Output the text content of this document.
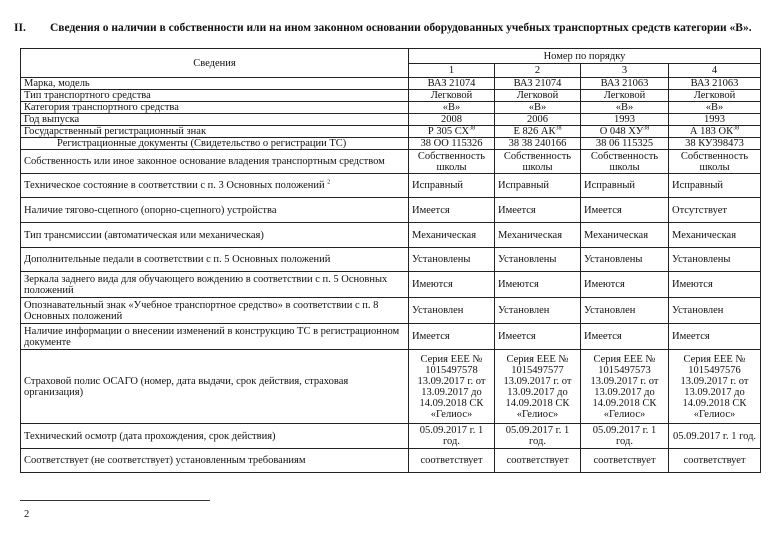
II. Сведения о наличии в собственности или на ином законном основании оборудованных учебных транспортных средств категории «В».
Сведения	Номер по порядку			
	1	2	3	4
Марка, модель	ВАЗ 21074	ВАЗ 21074	ВАЗ 21063	ВАЗ 21063
Тип транспортного средства	Легковой	Легковой	Легковой	Легковой
Категория транспортного средства	«В»	«В»	«В»	«В»
Год выпуска	2008	2006	1993	1993
Государственный регистрационный знак	Р 305 СХ$^{38}$	Е 826 АК$^{38}$	О 048 ХУ$^{38}$	А 183 ОК$^{38}$
Регистрационные документы (Свидетельство о регистрации ТС)	38 ОО 115326	38 38 240166	38 06 115325	38 КУ398473
Собственность или иное законное основание владения транспортным средством	Собственность школы	Собственность школы	Собственность школы	Собственность школы
Техническое состояние в соответствии с п. 3 Основных положений $^2$	Исправный	Исправный	Исправный	Исправный
Наличие тягово-сцепного (опорно-сцепного) устройства	Имеется	Имеется	Имеется	Отсутствует
Тип трансмиссии (автоматическая или механическая)	Механическая	Механическая	Механическая	Механическая
Дополнительные педали в соответствии с п. 5 Основных положений	Установлены	Установлены	Установлены	Установлены
Зеркала заднего вида для обучающего вождению в соответствии с п. 5 Основных положений	Имеются	Имеются	Имеются	Имеются
Опознавательный знак «Учебное транспортное средство» в соответствии с п. 8 Основных положений	Установлен	Установлен	Установлен	Установлен
Наличие информации о внесении изменений в конструкцию ТС в регистрационном документе	Имеется	Имеется	Имеется	Имеется
Страховой полис ОСАГО (номер, дата выдачи, срок действия, страховая организация)	Серия ЕЕЕ № 1015497578 13.09.2017 г. от 13.09.2017 до 14.09.2018 СК «Гелиос»	Серия ЕЕЕ № 1015497577 13.09.2017 г. от 13.09.2017 до 14.09.2018 СК «Гелиос»	Серия ЕЕЕ № 1015497573 13.09.2017 г. от 13.09.2017 до 14.09.2018 СК «Гелиос»	Серия ЕЕЕ № 1015497576 13.09.2017 г. от 13.09.2017 до 14.09.2018 СК «Гелиос»
Технический осмотр (дата прохождения, срок действия)	05.09.2017 г. 1 год.	05.09.2017 г. 1 год.	05.09.2017 г. 1 год.	05.09.2017 г. 1 год.
Соответствует (не соответствует) установленным требованиям	соответствует	соответствует	соответствует	соответствует
2
